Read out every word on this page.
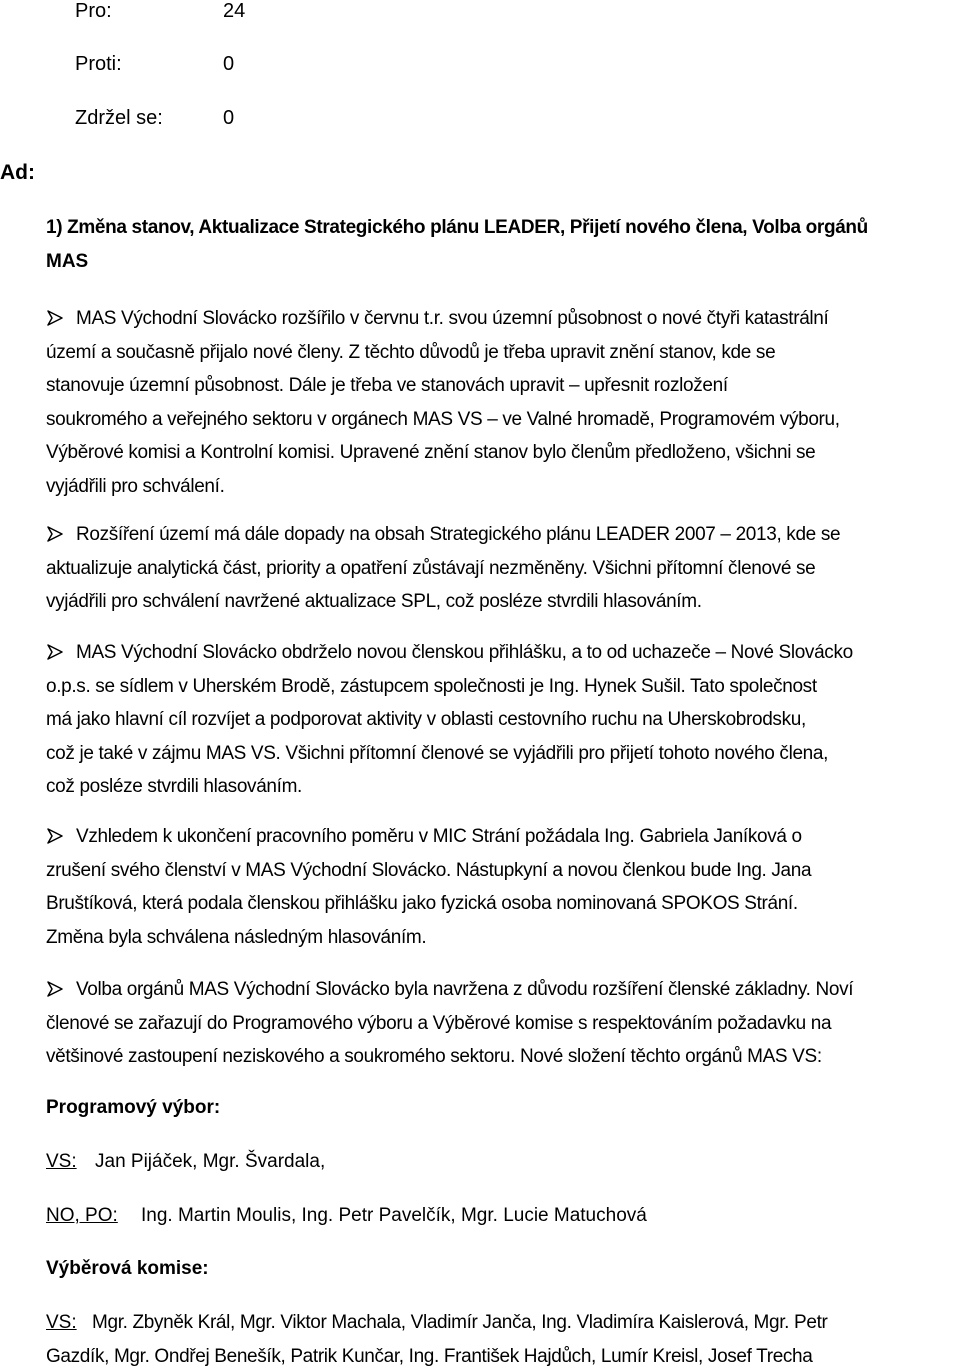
Pro:	24
Proti:	0
Zdržel se:	0
Ad:
1) Změna stanov, Aktualizace Strategického plánu LEADER, Přijetí nového člena, Volba orgánů
MAS

MAS Východní Slovácko rozšířilo v červnu t.r. svou územní působnost o nové čtyři katastrální

území a současně přijalo nové členy. Z těchto důvodů je třeba upravit znění stanov, kde se

stanovuje územní působnost. Dále je třeba ve stanovách upravit – upřesnit rozložení

soukromého a veřejného sektoru v orgánech MAS VS – ve Valné hromadě, Programovém výboru,

Výběrové komisi a Kontrolní komisi. Upravené znění stanov bylo členům předloženo, všichni se

vyjádřili pro schválení.

Rozšíření území má dále dopady na obsah Strategického plánu LEADER 2007 – 2013, kde se

aktualizuje analytická část, priority a opatření zůstávají nezměněny. Všichni přítomní členové se

vyjádřili pro schválení navržené aktualizace SPL, což posléze stvrdili hlasováním.

MAS Východní Slovácko obdrželo novou členskou přihlášku, a to od uchazeče – Nové Slovácko

o.p.s. se sídlem v Uherském Brodě, zástupcem společnosti je Ing. Hynek Sušil. Tato společnost

má jako hlavní cíl rozvíjet a podporovat aktivity v oblasti cestovního ruchu na Uherskobrodsku,

což je také v zájmu MAS VS. Všichni přítomní členové se vyjádřili pro přijetí tohoto nového člena,

což posléze stvrdili hlasováním.

Vzhledem k ukončení pracovního poměru v MIC Strání požádala Ing. Gabriela Janíková o

zrušení svého členství v MAS Východní Slovácko. Nástupkyní a novou členkou bude Ing. Jana

Bruštíková, která podala členskou přihlášku jako fyzická osoba nominovaná SPOKOS Strání.

Změna byla schválena následným hlasováním.

Volba orgánů MAS Východní Slovácko byla navržena z důvodu rozšíření členské základny. Noví

členové se zařazují do Programového výboru a Výběrové komise s respektováním požadavku na

většinové zastoupení neziskového a soukromého sektoru. Nové složení těchto orgánů MAS VS:

Programový výbor:
VS: Jan Pijáček, Mgr. Švardala,
NO, PO: Ing. Martin Moulis, Ing. Petr Pavelčík, Mgr. Lucie Matuchová
Výběrová komise:
VS: Mgr. Zbyněk Král, Mgr. Viktor Machala, Vladimír Janča, Ing. Vladimíra Kaislerová, Mgr. Petr
Gazdík, Mgr. Ondřej Benešík, Patrik Kunčar, Ing. František Hajdůch, Lumír Kreisl, Josef Trecha
